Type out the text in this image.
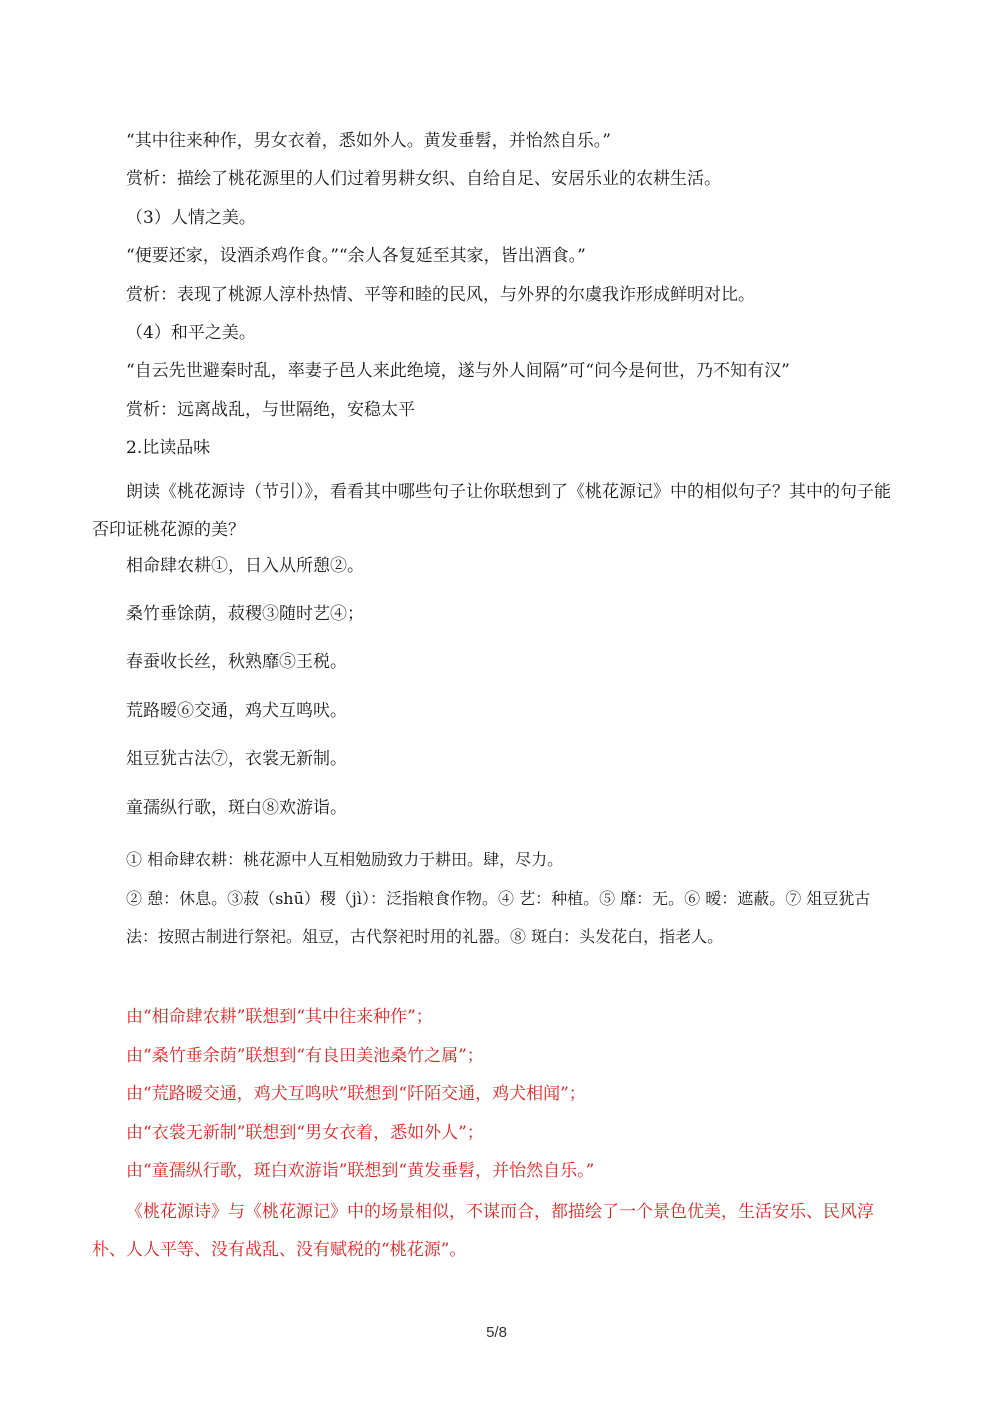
“其中往来种作，男女衣着，悉如外人。黄发垂髫，并怡然自乐。”
赏析：描绘了桃花源里的人们过着男耕女织、自给自足、安居乐业的农耕生活。
（3）人情之美。
“便要还家，设酒杀鸡作食。”“余人各复延至其家，皆出酒食。”
赏析：表现了桃源人淳朴热情、平等和睦的民风，与外界的尔虞我诈形成鲜明对比。
（4）和平之美。
“自云先世避秦时乱，率妻子邑人来此绝境，遂与外人间隔”可“问今是何世，乃不知有汉”
赏析：远离战乱，与世隔绝，安稳太平
2.比读品味
朗读《桃花源诗（节引）》，看看其中哪些句子让你联想到了《桃花源记》中的相似句子？其中的句子能否印证桃花源的美？
相命肆农耕①，日入从所憩②。
桑竹垂馀荫，菽稷③随时艺④；
春蚕收长丝，秋熟靡⑤王税。
荒路暧⑥交通，鸡犬互鸣吠。
俎豆犹古法⑦，衣裳无新制。
童孺纵行歌，斑白⑧欢游诣。
① 相命肆农耕：桃花源中人互相勉励致力于耕田。肆，尽力。
② 憩：休息。③菽（shū）稷（jì）：泛指粮食作物。④ 艺：种植。⑤ 靡：无。⑥ 暧：遮蔽。⑦ 俎豆犹古法：按照古制进行祭祀。俎豆，古代祭祀时用的礼器。⑧ 斑白：头发花白，指老人。
由“相命肆农耕”联想到“其中往来种作”；
由“桑竹垂余荫”联想到“有良田美池桑竹之属”；
由“荒路暧交通，鸡犬互鸣吠”联想到“阡陌交通，鸡犬相闻”；
由“衣裳无新制”联想到“男女衣着，悉如外人”；
由“童孺纵行歌，斑白欢游诣”联想到“黄发垂髫，并怡然自乐。”
《桃花源诗》与《桃花源记》中的场景相似，不谋而合，都描绘了一个景色优美，生活安乐、民风淳朴、人人平等、没有战乱、没有赋税的“桃花源”。
5/8
